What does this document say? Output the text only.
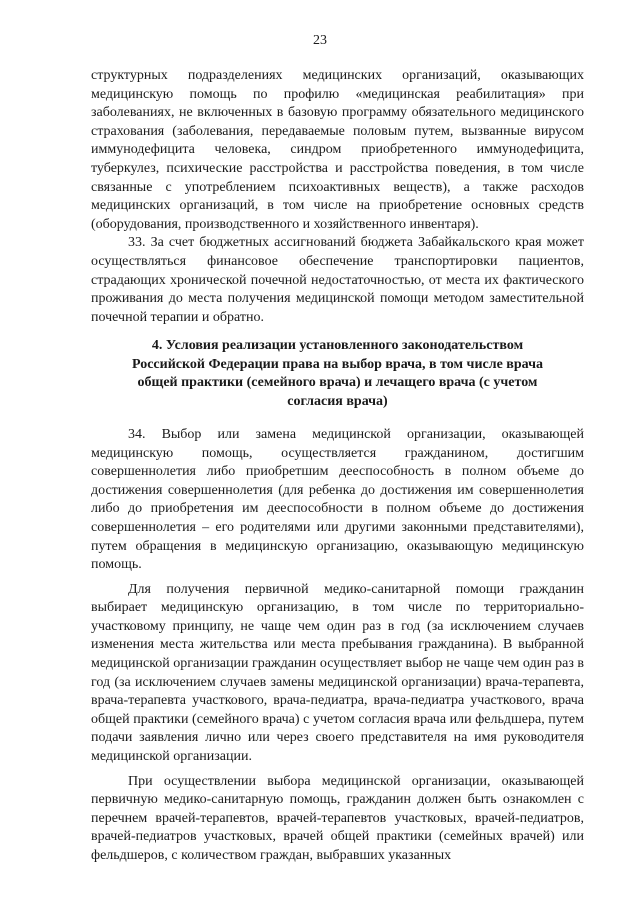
23

структурных подразделениях медицинских организаций, оказывающих медицинскую помощь по профилю «медицинская реабилитация» при заболеваниях, не включенных в базовую программу обязательного медицинского страхования (заболевания, передаваемые половым путем, вызванные вирусом иммунодефицита человека, синдром приобретенного иммунодефицита, туберкулез, психические расстройства и расстройства поведения, в том числе связанные с употреблением психоактивных веществ), а также расходов медицинских организаций, в том числе на приобретение основных средств (оборудования, производственного и хозяйственного инвентаря).

33. За счет бюджетных ассигнований бюджета Забайкальского края может осуществляться финансовое обеспечение транспортировки пациентов, страдающих хронической почечной недостаточностью, от места их фактического проживания до места получения медицинской помощи методом заместительной почечной терапии и обратно.

4. Условия реализации установленного законодательством Российской Федерации права на выбор врача, в том числе врача общей практики (семейного врача) и лечащего врача (с учетом согласия врача)

34. Выбор или замена медицинской организации, оказывающей медицинскую помощь, осуществляется гражданином, достигшим совершеннолетия либо приобретшим дееспособность в полном объеме до достижения совершеннолетия (для ребенка до достижения им совершеннолетия либо до приобретения им дееспособности в полном объеме до достижения совершеннолетия – его родителями или другими законными представителями), путем обращения в медицинскую организацию, оказывающую медицинскую помощь.

Для получения первичной медико-санитарной помощи гражданин выбирает медицинскую организацию, в том числе по территориально-участковому принципу, не чаще чем один раз в год (за исключением случаев изменения места жительства или места пребывания гражданина). В выбранной медицинской организации гражданин осуществляет выбор не чаще чем один раз в год (за исключением случаев замены медицинской организации) врача-терапевта, врача-терапевта участкового, врача-педиатра, врача-педиатра участкового, врача общей практики (семейного врача) с учетом согласия врача или фельдшера, путем подачи заявления лично или через своего представителя на имя руководителя медицинской организации.

При осуществлении выбора медицинской организации, оказывающей первичную медико-санитарную помощь, гражданин должен быть ознакомлен с перечнем врачей-терапевтов, врачей-терапевтов участковых, врачей-педиатров, врачей-педиатров участковых, врачей общей практики (семейных врачей) или фельдшеров, с количеством граждан, выбравших указанных
